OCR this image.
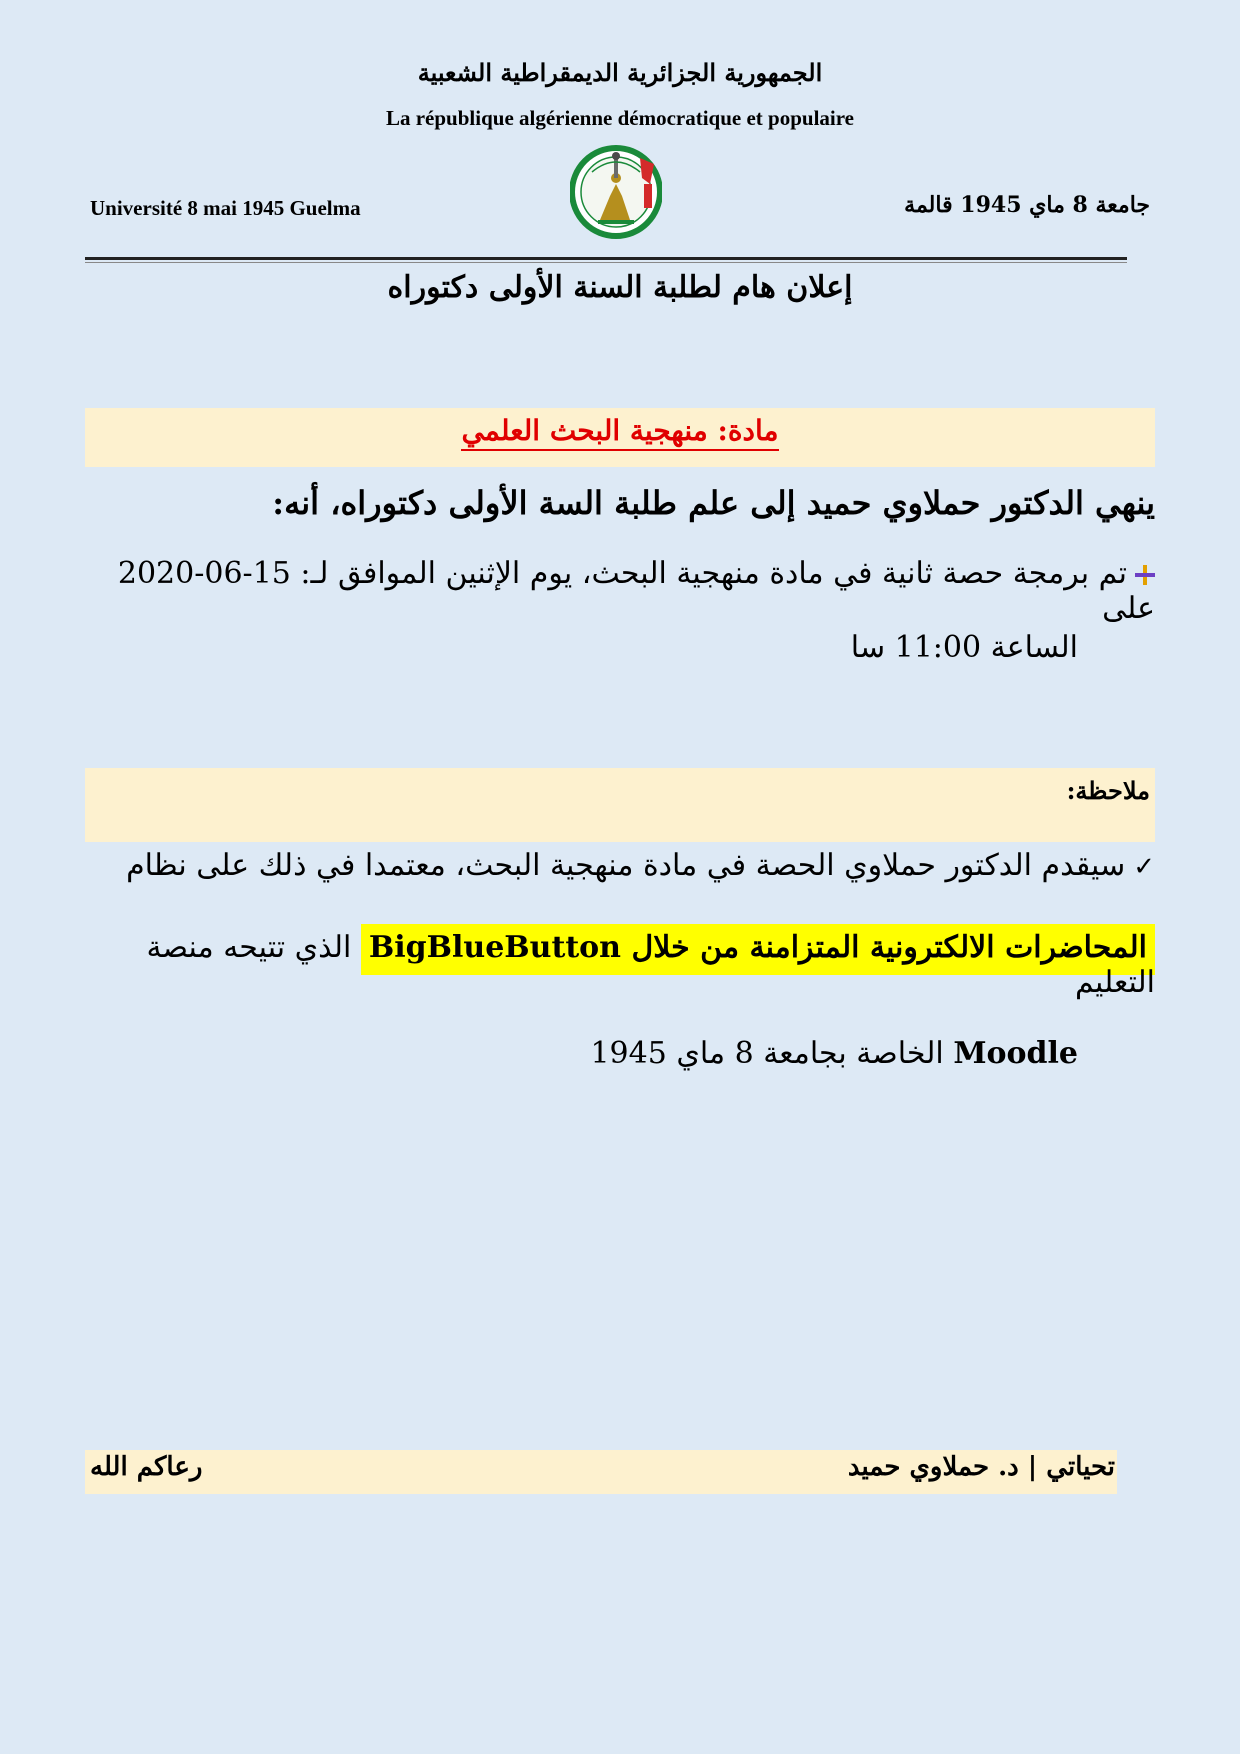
الجمهورية الجزائرية الديمقراطية الشعبية
La république algérienne démocratique et populaire
Université 8 mai 1945 Guelma	جامعة 8 ماي 1945 قالمة
إعلان هام لطلبة السنة الأولى دكتوراه
مادة: منهجية البحث العلمي
ينهي الدكتور حملاوي حميد إلى علم طلبة السة الأولى دكتوراه، أنه:
تم برمجة حصة ثانية في مادة منهجية البحث، يوم الإثنين الموافق لـ: 15-06-2020 على
الساعة 11:00 سا
ملاحظة:
✓سيقدم الدكتور حملاوي الحصة في مادة منهجية البحث، معتمدا في ذلك على نظام
المحاضرات الالكترونية المتزامنة من خلال BigBlueButton الذي تتيحه منصة التعليم
Moodle الخاصة بجامعة 8 ماي 1945
تحياتي | د. حملاوي حميد
رعاكم الله
